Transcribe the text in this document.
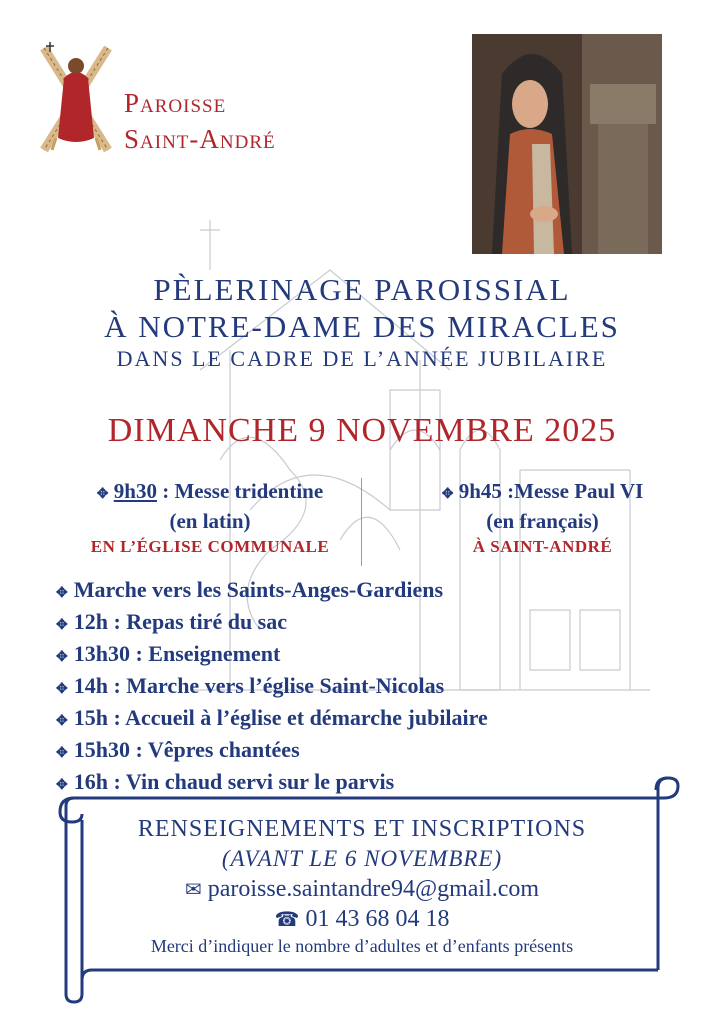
Paroisse
Saint-André
PÈLERINAGE PAROISSIAL
À NOTRE-DAME DES MIRACLES
DANS LE CADRE DE L’ANNÉE JUBILAIRE
DIMANCHE 9 NOVEMBRE 2025
✥ 9h30 : Messe tridentine
(en latin)
EN L’ÉGLISE COMMUNALE
✥ 9h45 :Messe Paul VI
(en français)
À SAINT-ANDRÉ
✥ Marche vers les Saints-Anges-Gardiens
✥ 12h : Repas tiré du sac
✥ 13h30 : Enseignement
✥ 14h : Marche vers l’église Saint-Nicolas
✥ 15h : Accueil à l’église et démarche jubilaire
✥ 15h30 : Vêpres chantées
✥ 16h : Vin chaud servi sur le parvis
RENSEIGNEMENTS ET INSCRIPTIONS
(AVANT LE 6 NOVEMBRE)
✉ paroisse.saintandre94@gmail.com
☎ 01 43 68 04 18
Merci d’indiquer le nombre d’adultes et d’enfants présents
